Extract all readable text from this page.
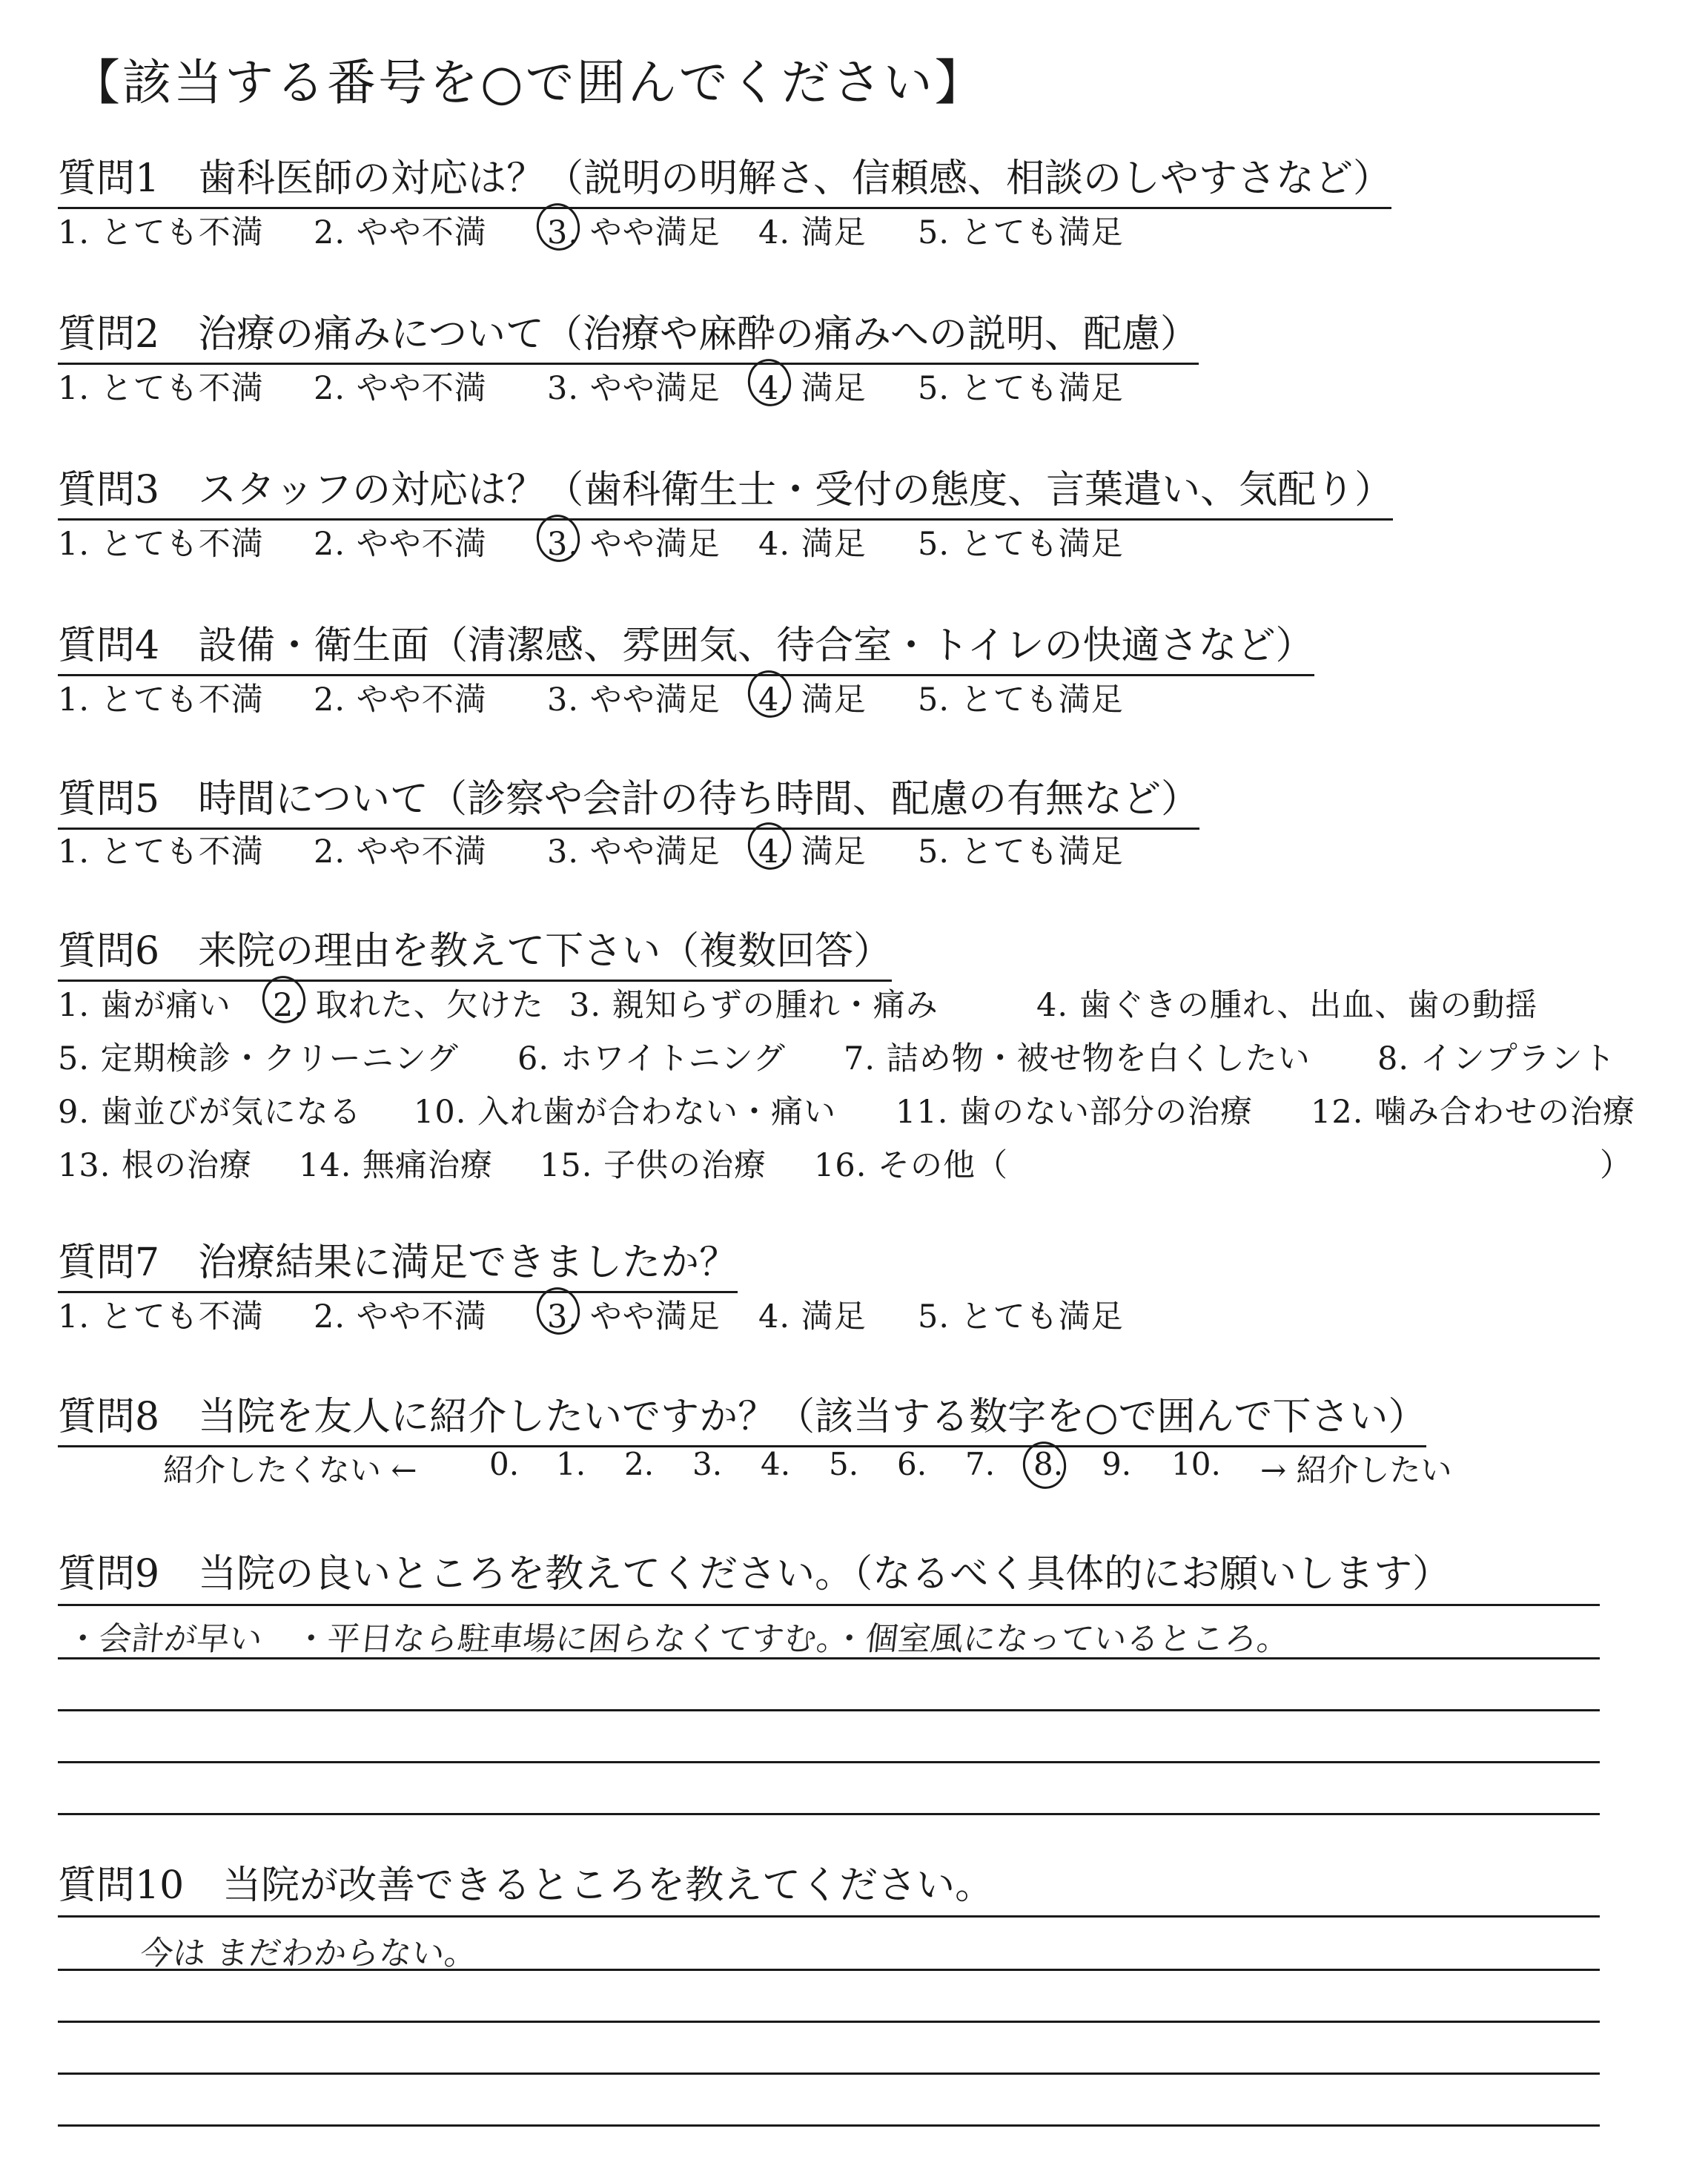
【該当する番号を○で囲んでください】
質問1　歯科医師の対応は？（説明の明解さ、信頼感、相談のしやすさなど）
1. とても不満 2. やや不満 3. やや満足 4. 満足 5. とても満足
質問2　治療の痛みについて（治療や麻酔の痛みへの説明、配慮）
1. とても不満 2. やや不満 3. やや満足 4. 満足 5. とても満足
質問3　スタッフの対応は？（歯科衛生士・受付の態度、言葉遣い、気配り）
1. とても不満 2. やや不満 3. やや満足 4. 満足 5. とても満足
質問4　設備・衛生面（清潔感、雰囲気、待合室・トイレの快適さなど）
1. とても不満 2. やや不満 3. やや満足 4. 満足 5. とても満足
質問5　時間について（診察や会計の待ち時間、配慮の有無など）
1. とても不満 2. やや不満 3. やや満足 4. 満足 5. とても満足
質問6　来院の理由を教えて下さい（複数回答）
1. 歯が痛い 2. 取れた、欠けた 3. 親知らずの腫れ・痛み	4. 歯ぐきの腫れ、出血、歯の動揺
5. 定期検診・クリーニング 6. ホワイトニング 7. 詰め物・被せ物を白くしたい 8. インプラント
9. 歯並びが気になる 10. 入れ歯が合わない・痛い 11. 歯のない部分の治療 12. 噛み合わせの治療
13. 根の治療 14. 無痛治療 15. 子供の治療 16. その他（	）
質問7　治療結果に満足できましたか？
1. とても不満 2. やや不満 3. やや満足 4. 満足 5. とても満足
質問8　当院を友人に紹介したいですか？（該当する数字を○で囲んで下さい）
紹介したくない ← 0. 1. 2. 3. 4. 5. 6. 7. 8. 9. 10. → 紹介したい
質問9　当院の良いところを教えてください。（なるべく具体的にお願いします）
・会計が早い　・平日なら駐車場に困らなくてすむ。・個室風になっているところ。
質問10　当院が改善できるところを教えてください。
今は まだわからない。
